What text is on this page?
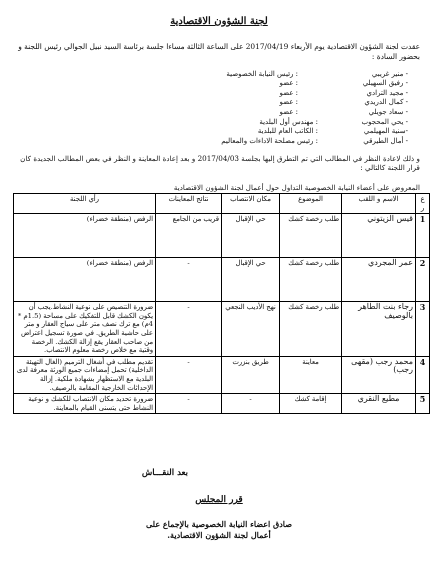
لجنة الشؤون الاقتصادية
عقدت لجنة الشؤون الاقتصادية يوم الأربعاء 2017/04/19 على الساعة الثالثة مساءا جلسة برئاسة السيد نبيل الجوالي رئيس اللجنة و بحضور السادة :
- منير غريبي
: رئيس النيابة الخصوصية
- رفيق السهيلي
: عضو
- مجيد الترادي
: عضو
- كمال الدريدي
: عضو
- سعاد جويلي
: عضو
- يحي المحجوب
: مهندس أول البلدية
-سنية المهيلمي
: الكاتب العام للبلدية
- أمال الطيرقي
: رئيس مصلحة الاداءات والمعاليم
و ذلك لاعادة النظر في المطالب التي تم التطرق إليها بجلسة 2017/04/03 و بعد إعادة المعاينة و النظر في بعض المطالب الجديدة كان قرار اللجنة كالتالي :
المعروض على أعضاء النيابة الخصوصية التداول حول أعمال لجنة الشؤون الاقتصادية
ع ر	الاسم و اللقب	الموضوع	مكان الانتصاب	نتائج المعاينات	رأي اللجنة
1	قيس الزيتوني	طلب رخصة كشك	حي الإقبال	قريب من الجامع	الرفض (منطقة خضراء)
2	عمر المجردي	طلب رخصة كشك	حي الإقبال	-	الرفض (منطقة خضراء)
3	رجاء بنت الطاهر بالوصيف	طلب رخصة كشك	نهج الأديب النجعي	-	ضرورة التنصيص على نوعية النشاط.يجب أن يكون الكشك قابل للتفكيك على مساحة (1.5م * 4م) مع ترك نصف متر على سياج العقار و متر على حاشية الطريق. في صورة تسجيل اعتراض من صاحب العقار يقع إزالة الكشك. الرخصة وقتية مع خلاص رخصة معلوم الانتصاب.
4	محمد رجب (مقهى رجب)	معاينة	طريق بنزرت	-	تقديم مطلب في أشغال الترميم (الغال التهيئة الداخلية) تحمل إمضاءات جميع الورثة معرفة لدى البلدية مع الاستظهار بشهادة ملكية. إزالة الإحداثات الخارجية المقامة بالرصيف.
5	مطيع النقري	إقامة كشك	-	-	ضرورة تحديد مكان الانتصاب للكشك و نوعية النشاط حتى يتسنى القيام بالمعاينة.
بعد النقـــاش
قرر المجلس
صادق اعضاء النيابة الخصوصية بالإجماع على
أعمال لجنة الشؤون الاقتصادية.
